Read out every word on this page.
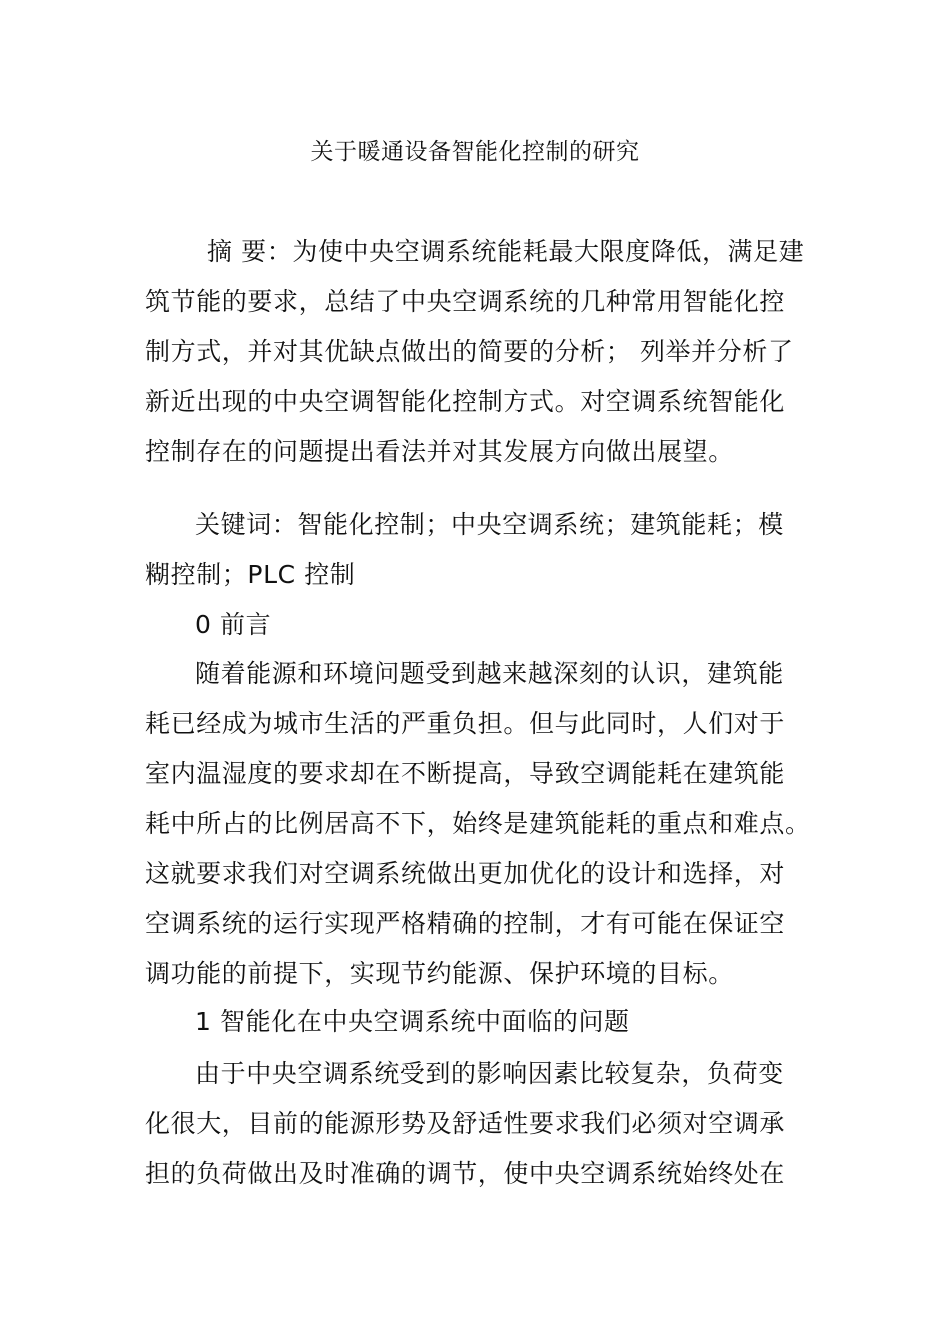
关于暖通设备智能化控制的研究
摘 要：为使中央空调系统能耗最大限度降低，满足建
筑节能的要求，总结了中央空调系统的几种常用智能化控
制方式，并对其优缺点做出的简要的分析； 列举并分析了
新近出现的中央空调智能化控制方式。对空调系统智能化
控制存在的问题提出看法并对其发展方向做出展望。
关键词：智能化控制；中央空调系统；建筑能耗；模
糊控制；PLC 控制
0 前言
随着能源和环境问题受到越来越深刻的认识，建筑能
耗已经成为城市生活的严重负担。但与此同时，人们对于
室内温湿度的要求却在不断提高，导致空调能耗在建筑能
耗中所占的比例居高不下，始终是建筑能耗的重点和难点。
这就要求我们对空调系统做出更加优化的设计和选择，对
空调系统的运行实现严格精确的控制，才有可能在保证空
调功能的前提下，实现节约能源、保护环境的目标。
1 智能化在中央空调系统中面临的问题
由于中央空调系统受到的影响因素比较复杂，负荷变
化很大，目前的能源形势及舒适性要求我们必须对空调承
担的负荷做出及时准确的调节，使中央空调系统始终处在
